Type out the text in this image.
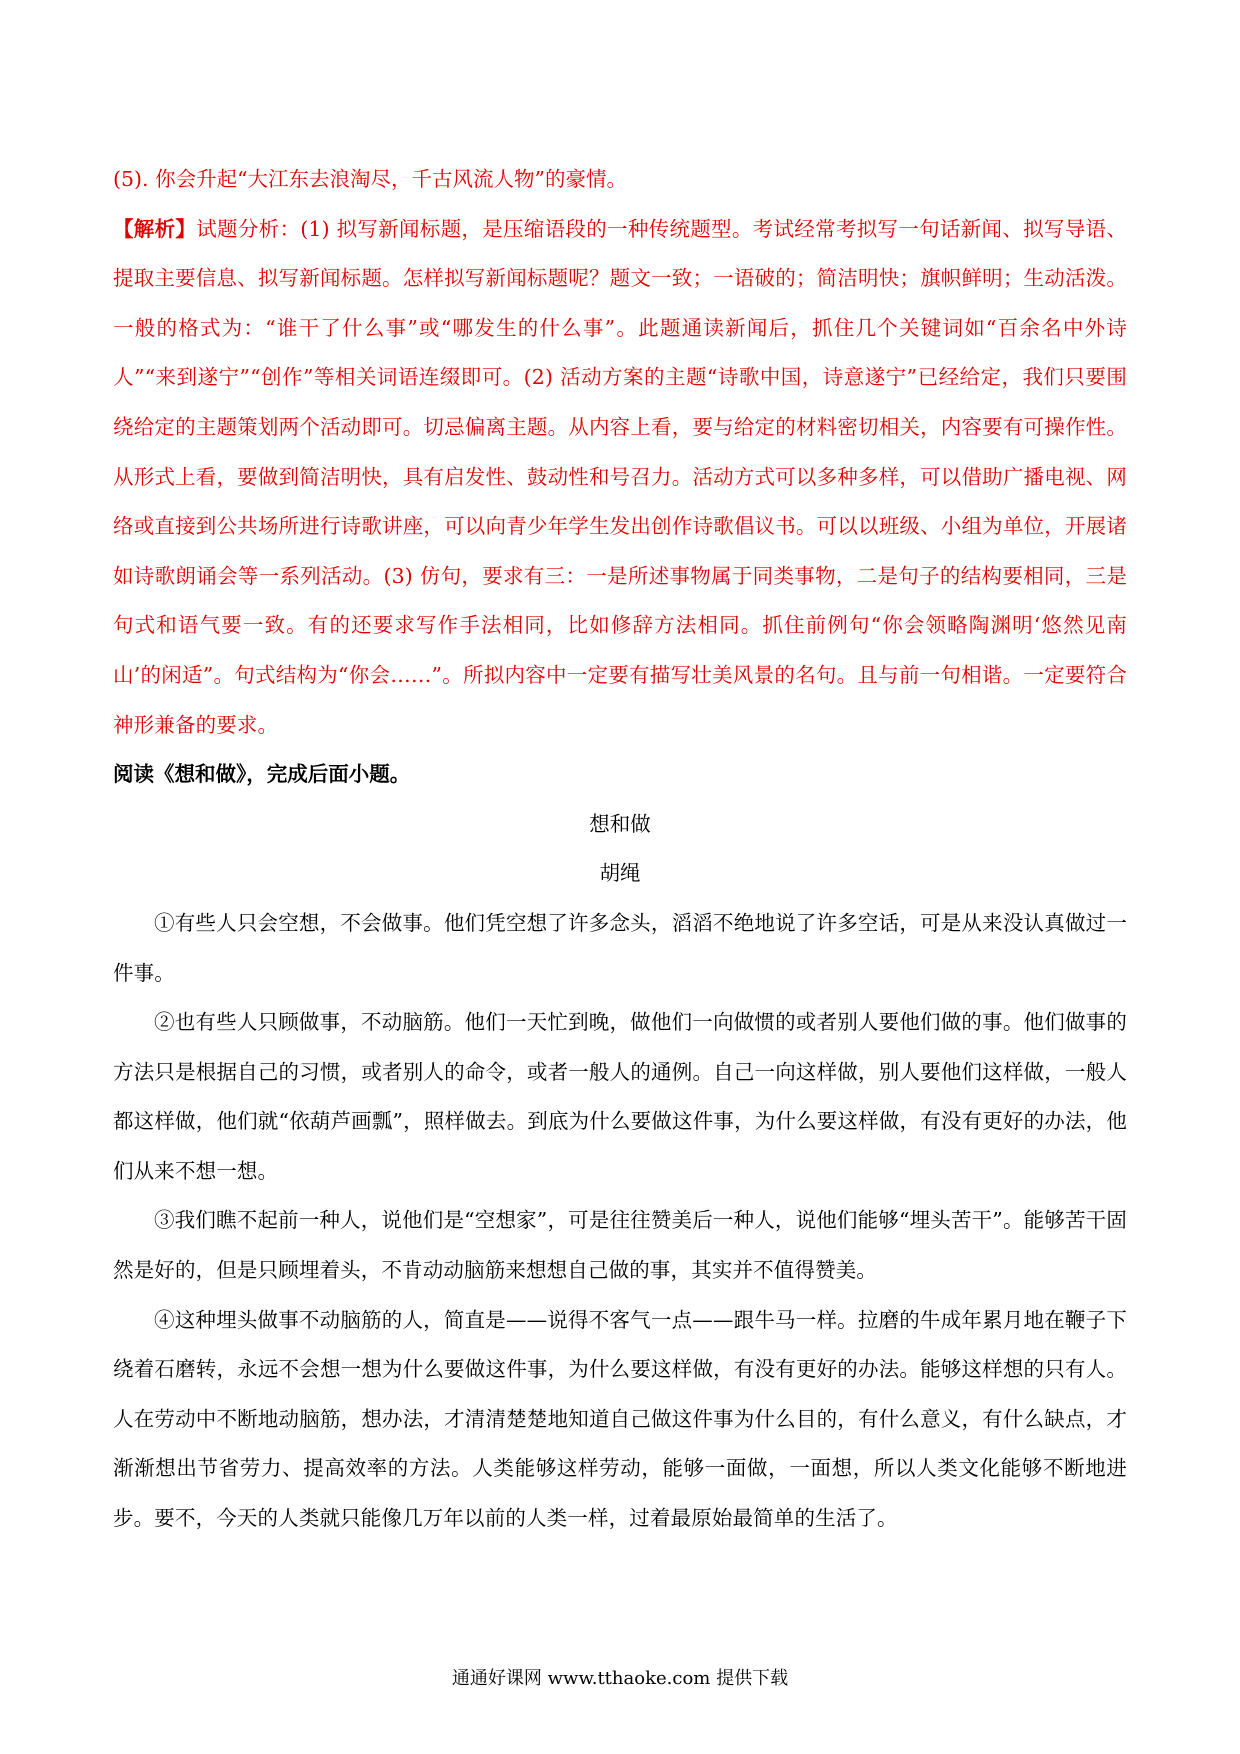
(5). 你会升起“大江东去浪淘尽，千古风流人物”的豪情。

【解析】试题分析：(1) 拟写新闻标题，是压缩语段的一种传统题型。考试经常考拟写一句话新闻、拟写导语、提取主要信息、拟写新闻标题。怎样拟写新闻标题呢？题文一致；一语破的；简洁明快；旗帜鲜明；生动活泼。一般的格式为：“谁干了什么事”或“哪发生的什么事”。此题通读新闻后，抓住几个关键词如“百余名中外诗人”“来到遂宁”“创作”等相关词语连缀即可。(2) 活动方案的主题“诗歌中国，诗意遂宁”已经给定，我们只要围绕给定的主题策划两个活动即可。切忌偏离主题。从内容上看，要与给定的材料密切相关，内容要有可操作性。从形式上看，要做到简洁明快，具有启发性、鼓动性和号召力。活动方式可以多种多样，可以借助广播电视、网络或直接到公共场所进行诗歌讲座，可以向青少年学生发出创作诗歌倡议书。可以以班级、小组为单位，开展诸如诗歌朗诵会等一系列活动。(3) 仿句，要求有三：一是所述事物属于同类事物，二是句子的结构要相同，三是句式和语气要一致。有的还要求写作手法相同，比如修辞方法相同。抓住前例句“你会领略陶渊明‘悠然见南山’的闲适”。句式结构为“你会……”。所拟内容中一定要有描写壮美风景的名句。且与前一句相谐。一定要符合神形兼备的要求。

阅读《想和做》，完成后面小题。

想和做

胡绳

①有些人只会空想，不会做事。他们凭空想了许多念头，滔滔不绝地说了许多空话，可是从来没认真做过一件事。

②也有些人只顾做事，不动脑筋。他们一天忙到晚，做他们一向做惯的或者别人要他们做的事。他们做事的方法只是根据自己的习惯，或者别人的命令，或者一般人的通例。自己一向这样做，别人要他们这样做，一般人都这样做，他们就“依葫芦画瓢”，照样做去。到底为什么要做这件事，为什么要这样做，有没有更好的办法，他们从来不想一想。

③我们瞧不起前一种人，说他们是“空想家”，可是往往赞美后一种人，说他们能够“埋头苦干”。能够苦干固然是好的，但是只顾埋着头，不肯动动脑筋来想想自己做的事，其实并不值得赞美。

④这种埋头做事不动脑筋的人，简直是——说得不客气一点——跟牛马一样。拉磨的牛成年累月地在鞭子下绕着石磨转，永远不会想一想为什么要做这件事，为什么要这样做，有没有更好的办法。能够这样想的只有人。人在劳动中不断地动脑筋，想办法，才清清楚楚地知道自己做这件事为什么目的，有什么意义，有什么缺点，才渐渐想出节省劳力、提高效率的方法。人类能够这样劳动，能够一面做，一面想，所以人类文化能够不断地进步。要不，今天的人类就只能像几万年以前的人类一样，过着最原始最简单的生活了。

通通好课网 www.tthaoke.com 提供下载
